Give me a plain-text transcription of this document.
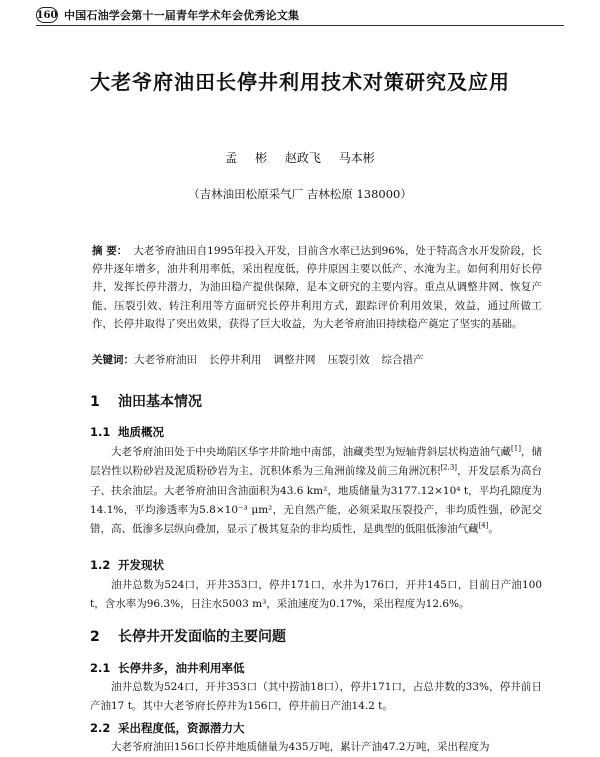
160 中国石油学会第十一届青年学术年会优秀论文集
大老爷府油田长停井利用技术对策研究及应用
孟 彬 赵政飞 马本彬
（吉林油田松原采气厂 吉林松原 138000）
摘 要： 大老爷府油田自1995年投入开发，目前含水率已达到96%，处于特高含水开发阶段，长停井逐年增多，油井利用率低，采出程度低，停井原因主要以低产、水淹为主。如何利用好长停井，发挥长停井潜力，为油田稳产提供保障，是本文研究的主要内容。重点从调整井网、恢复产能、压裂引效、转注利用等方面研究长停井利用方式，跟踪评价利用效果，效益，通过所做工作，长停井取得了突出效果，获得了巨大收益，为大老爷府油田持续稳产奠定了坚实的基础。
关键词：大老爷府油田 长停井利用 调整井网 压裂引效 综合措产
1 油田基本情况
1.1 地质概况
大老爷府油田处于中央坳陷区华字井阶地中南部，油藏类型为短轴背斜层状构造油气藏[1]，储层岩性以粉砂岩及泥质粉砂岩为主，沉积体系为三角洲前缘及前三角洲沉积[2,3]，开发层系为高台子、扶余油层。大老爷府油田含油面积为43.6 km²，地质储量为3177.12×10⁴ t，平均孔隙度为14.1%，平均渗透率为5.8×10⁻³ μm²，无自然产能，必须采取压裂投产，非均质性强，砂泥交错，高、低渗多层纵向叠加，显示了极其复杂的非均质性，是典型的低阻低渗油气藏[4]。
1.2 开发现状
油井总数为524口，开井353口，停井171口，水井为176口，开井145口，目前日产油100 t，含水率为96.3%，日注水5003 m³，采油速度为0.17%，采出程度为12.6%。
2 长停井开发面临的主要问题
2.1 长停井多，油井利用率低
油井总数为524口，开井353口（其中捞油18口），停井171口，占总井数的33%，停井前日产油17 t。其中大老爷府长停井为156口，停井前日产油14.2 t。
2.2 采出程度低，资源潜力大
大老爷府油田156口长停井地质储量为435万吨，累计产油47.2万吨，采出程度为
